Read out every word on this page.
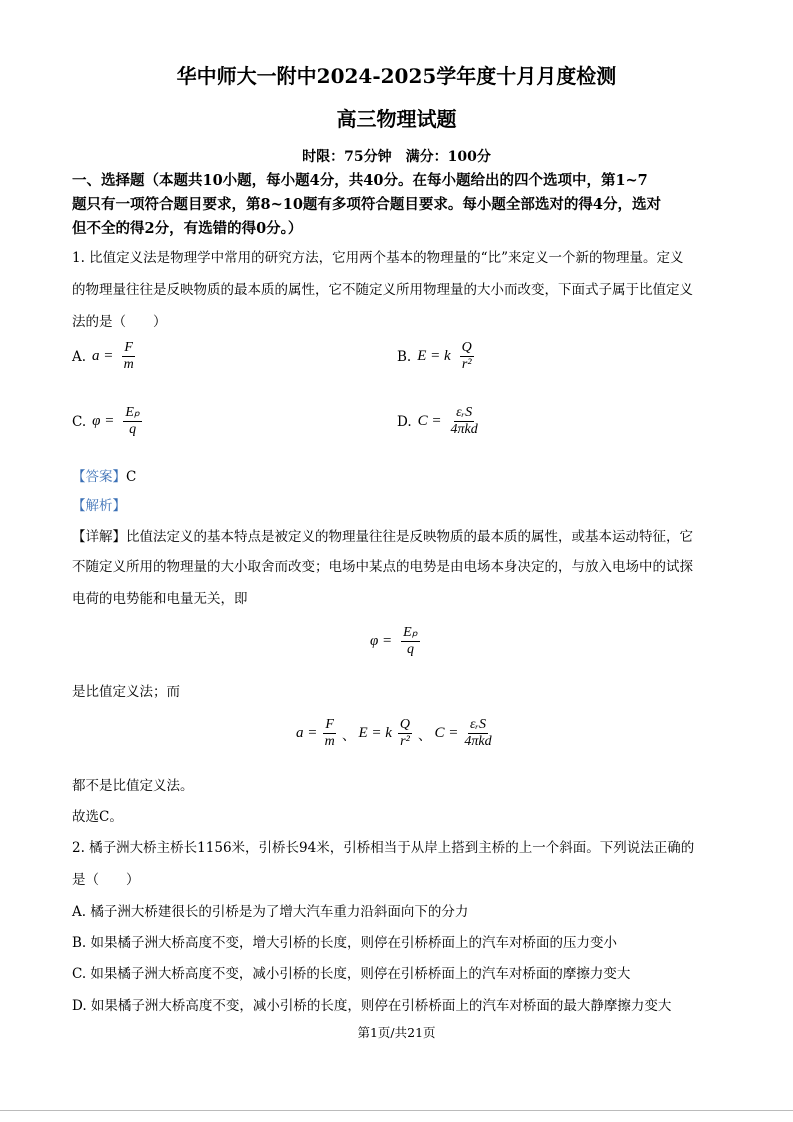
华中师大一附中2024-2025学年度十月月度检测
高三物理试题
时限：75分钟　满分：100分
一、选择题（本题共10小题，每小题4分，共40分。在每小题给出的四个选项中，第1~7
题只有一项符合题目要求，第8~10题有多项符合题目要求。每小题全部选对的得4分，选对
但不全的得2分，有选错的得0分。）
1. 比值定义法是物理学中常用的研究方法，它用两个基本的物理量的“比”来定义一个新的物理量。定义
的物理量往往是反映物质的最本质的属性，它不随定义所用物理量的大小而改变，下面式子属于比值定义
法的是（　　）
A. $a = \frac{F}{m}$	B. E = k $\frac{Q}{\text{r²}}$
C. $\varphi = \frac{\text{Eₚ}}{q}$	D. $C = \frac{\text{εᵣS}}{\text{4πkd}}$
【答案】C
【解析】
【详解】比值法定义的基本特点是被定义的物理量往往是反映物质的最本质的属性，或基本运动特征，它
不随定义所用的物理量的大小取舍而改变；电场中某点的电势是由电场本身决定的，与放入电场中的试探
电荷的电势能和电量无关，即
$\varphi = \frac{\text{Eₚ}}{q}$
是比值定义法；而
$a = \frac{F}{m}$ 、 E = k $\frac{Q}{\text{r²}}$ 、 $C = \frac{\text{εᵣS}}{\text{4πkd}}$
都不是比值定义法。
故选C。
2. 橘子洲大桥主桥长1156米，引桥长94米，引桥相当于从岸上搭到主桥的上一个斜面。下列说法正确的
是（　　）
A. 橘子洲大桥建很长的引桥是为了增大汽车重力沿斜面向下的分力
B. 如果橘子洲大桥高度不变，增大引桥的长度，则停在引桥桥面上的汽车对桥面的压力变小
C. 如果橘子洲大桥高度不变，减小引桥的长度，则停在引桥桥面上的汽车对桥面的摩擦力变大
D. 如果橘子洲大桥高度不变，减小引桥的长度，则停在引桥桥面上的汽车对桥面的最大静摩擦力变大
第1页/共21页
